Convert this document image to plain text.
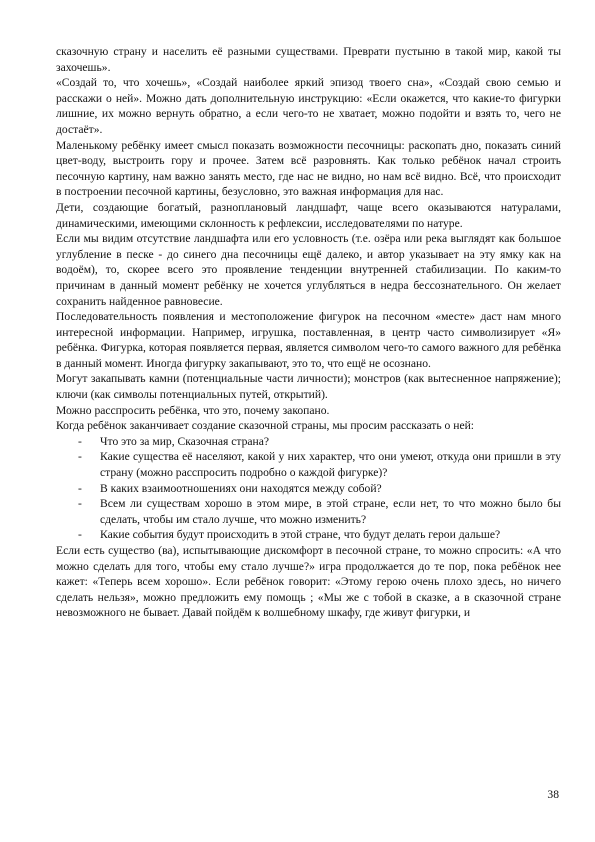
сказочную страну и населить её разными существами. Преврати пустыню в такой мир, какой ты захочешь».

«Создай то, что хочешь», «Создай наиболее яркий эпизод твоего сна», «Создай свою семью и расскажи о ней». Можно дать дополнительную инструкцию: «Если окажется, что какие-то фигурки лишние, их можно вернуть обратно, а если чего-то не хватает, можно подойти и взять то, чего не достаёт».

Маленькому ребёнку имеет смысл показать возможности песочницы: раскопать дно, показать синий цвет-воду, выстроить гору и прочее. Затем всё разровнять. Как только ребёнок начал строить песочную картину, нам важно занять место, где нас не видно, но нам всё видно. Всё, что происходит в построении песочной картины, безусловно, это важная информация для нас.

Дети, создающие богатый, разноплановый ландшафт, чаще всего оказываются натуралами, динамическими, имеющими склонность к рефлексии, исследователями по натуре.

Если мы видим отсутствие ландшафта или его условность (т.е. озёра или река выглядят как большое углубление в песке - до синего дна песочницы ещё далеко, и автор указывает на эту ямку как на водоём), то, скорее всего это проявление тенденции внутренней стабилизации. По каким-то причинам в данный момент ребёнку не хочется углубляться в недра бессознательного. Он желает сохранить найденное равновесие.

Последовательность появления и местоположение фигурок на песочном «месте» даст нам много интересной информации. Например, игрушка, поставленная, в центр часто символизирует «Я» ребёнка. Фигурка, которая появляется первая, является символом чего-то самого важного для ребёнка в данный момент. Иногда фигурку закапывают, это то, что ещё не осознано.

Могут закапывать камни (потенциальные части личности); монстров (как вытесненное напряжение); ключи (как символы потенциальных путей, открытий).

Можно расспросить ребёнка, что это, почему закопано.

Когда ребёнок заканчивает создание сказочной страны, мы просим рассказать о ней:

- Что это за мир, Сказочная страна?
- Какие существа её населяют, какой у них характер, что они умеют, откуда они пришли в эту страну (можно расспросить подробно о каждой фигурке)?
- В каких взаимоотношениях они находятся между собой?
- Всем ли существам хорошо в этом мире, в этой стране, если нет, то что можно было бы сделать, чтобы им стало лучше, что можно изменить?
- Какие события будут происходить в этой стране, что будут делать герои дальше?

Если есть существо (ва), испытывающие дискомфорт в песочной стране, то можно спросить: «А что можно сделать для того, чтобы ему стало лучше?» игра продолжается до те пор, пока ребёнок нее кажет: «Теперь всем хорошо». Если ребёнок говорит: «Этому герою очень плохо здесь, но ничего сделать нельзя», можно предложить ему помощь ; «Мы же с тобой в сказке, а в сказочной стране невозможного не бывает. Давай пойдём к волшебному шкафу, где живут фигурки, и

38
